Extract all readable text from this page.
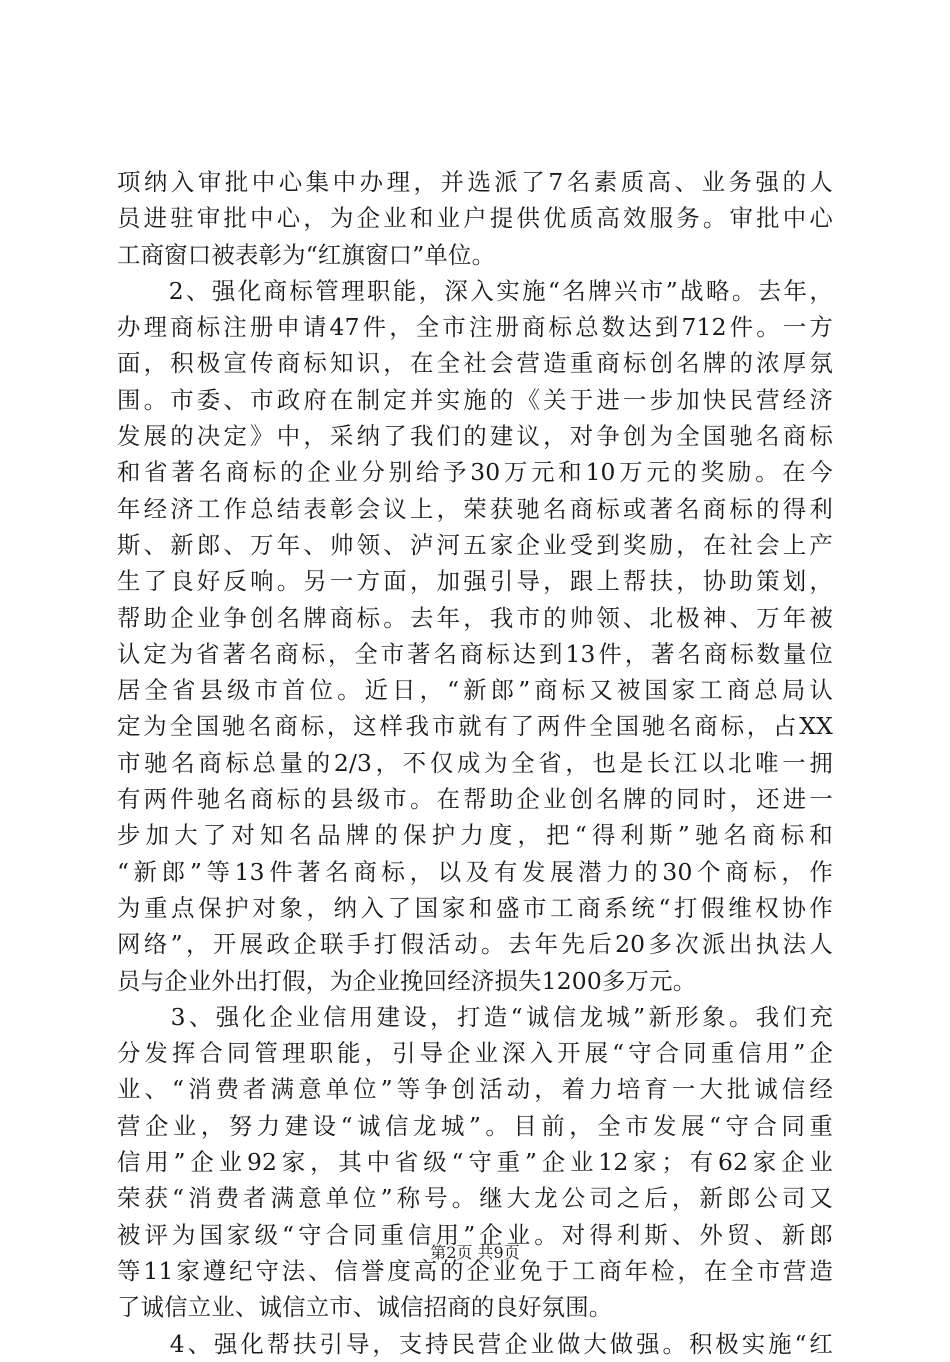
项纳入审批中心集中办理，并选派了7名素质高、业务强的人
员进驻审批中心，为企业和业户提供优质高效服务。审批中心
工商窗口被表彰为“红旗窗口”单位。
　　2、强化商标管理职能，深入实施“名牌兴市”战略。去年，
办理商标注册申请47件，全市注册商标总数达到712件。一方
面，积极宣传商标知识，在全社会营造重商标创名牌的浓厚氛
围。市委、市政府在制定并实施的《关于进一步加快民营经济
发展的决定》中，采纳了我们的建议，对争创为全国驰名商标
和省著名商标的企业分别给予30万元和10万元的奖励。在今
年经济工作总结表彰会议上，荣获驰名商标或著名商标的得利
斯、新郎、万年、帅领、泸河五家企业受到奖励，在社会上产
生了良好反响。另一方面，加强引导，跟上帮扶，协助策划，
帮助企业争创名牌商标。去年，我市的帅领、北极神、万年被
认定为省著名商标，全市著名商标达到13件，著名商标数量位
居全省县级市首位。近日，“新郎”商标又被国家工商总局认
定为全国驰名商标，这样我市就有了两件全国驰名商标，占XX
市驰名商标总量的2/3，不仅成为全省，也是长江以北唯一拥
有两件驰名商标的县级市。在帮助企业创名牌的同时，还进一
步加大了对知名品牌的保护力度，把“得利斯”驰名商标和
“新郎”等13件著名商标，以及有发展潜力的30个商标，作
为重点保护对象，纳入了国家和盛市工商系统“打假维权协作
网络”，开展政企联手打假活动。去年先后20多次派出执法人
员与企业外出打假，为企业挽回经济损失1200多万元。
　　3、强化企业信用建设，打造“诚信龙城”新形象。我们充
分发挥合同管理职能，引导企业深入开展“守合同重信用”企
业、“消费者满意单位”等争创活动，着力培育一大批诚信经
营企业，努力建设“诚信龙城”。目前，全市发展“守合同重
信用”企业92家，其中省级“守重”企业12家；有62家企业
荣获“消费者满意单位”称号。继大龙公司之后，新郎公司又
被评为国家级“守合同重信用”企业。对得利斯、外贸、新郎
等11家遵纪守法、信誉度高的企业免于工商年检，在全市营造
了诚信立业、诚信立市、诚信招商的良好氛围。
　　4、强化帮扶引导，支持民营企业做大做强。积极实施“红
第2页 共9页
